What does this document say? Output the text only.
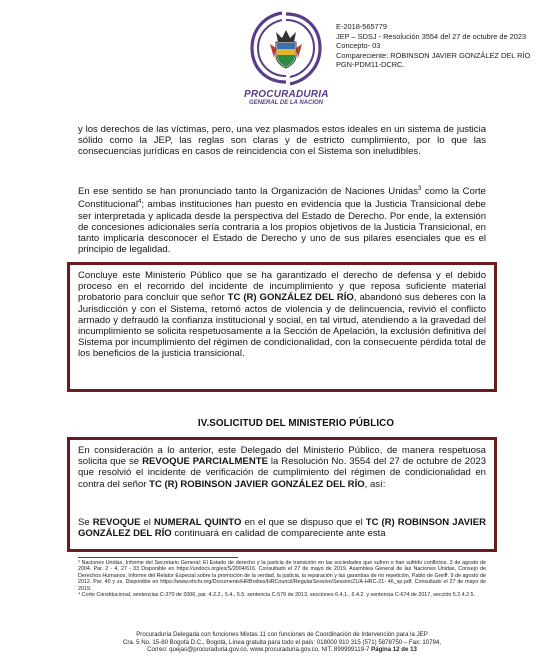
PROCURADURIA
GENERAL DE LA NACION
E-2018-565779
JEP – SDSJ - Resolución 3554 del 27 de octubre de 2023
Concepto- 03
Compareciente: ROBINSON JAVIER GONZÁLEZ DEL RÍO
PGN-PDM11-DCRC.
y los derechos de las víctimas, pero, una vez plasmados estos ideales en un sistema de justicia sólido como la JEP, las reglas son claras y de estricto cumplimiento, por lo que las consecuencias jurídicas en casos de reincidencia con el Sistema son ineludibles.
En ese sentido se han pronunciado tanto la Organización de Naciones Unidas$^3$ como la Corte Constitucional$^4$; ambas instituciones han puesto en evidencia que la Justicia Transicional debe ser interpretada y aplicada desde la perspectiva del Estado de Derecho. Por ende, la extensión de concesiones adicionales sería contraria a los propios objetivos de la Justicia Transicional, en tanto implicaría desconocer el Estado de Derecho y uno de sus pilares esenciales que es el principio de legalidad.
Concluye este Ministerio Público que se ha garantizado el derecho de defensa y el debido proceso en el recorrido del incidente de incumplimiento y que reposa suficiente material probatorio para concluir que señor TC (R) GONZÁLEZ DEL RÍO, abandonó sus deberes con la Jurisdicción y con el Sistema, retomó actos de violencia y de delincuencia, revivió el conflicto armado y defraudó la confianza institucional y social, en tal virtud, atendiendo a la gravedad del incumplimiento se solicita respetuosamente a la Sección de Apelación, la exclusión definitiva del Sistema por incumplimiento del régimen de condicionalidad, con la consecuente pérdida total de los beneficios de la justicia transicional.
IV.SOLICITUD DEL MINISTERIO PÚBLICO
En consideración a lo anterior, este Delegado del Ministerio Público, de manera respetuosa solicita que se REVOQUE PARCIALMENTE la Resolución No. 3554 del 27 de octubre de 2023 que resolvió el incidente de verificación de cumplimiento del régimen de condicionalidad en contra del señor TC (R) ROBINSON JAVIER GONZÁLEZ DEL RÍO, así:
Se REVOQUE el NUMERAL QUINTO en el que se dispuso que el TC (R) ROBINSON JAVIER GONZÁLEZ DEL RÍO continuará en calidad de compareciente ante esta
³ Naciones Unidas, Informe del Secretario General: El Estado de derecho y la justicia de transición en las sociedades que sufren o han sufrido conflictos. 3 de agosto de 2004. Par. 2 - 4, 27 - 33 Disponible en https://undocs.org/es/S/2004/616. Consultado el 27 de mayo de 2019. Asamblea General de las Naciones Unidas, Consejo de Derechos Humanos, Informe del Relator Especial sobre la promoción de la verdad, la justicia, la reparación y las garantías de no repetición, Pablo de Greiff. 9 de agosto de 2012. Par. 40 y ss. Disponible en https://www.ohchr.org/Documents/HRBodies/HRCouncil/RegularSession/Session21/A-HRC-21- 46_sp.pdf. Consultado el 27 de mayo de 2019.
⁴ Corte Constitucional, sentencias C-370 de 2006, par. 4.2.2., 5.4., 5.5. sentencia C-579 de 2013, secciones 6.4.1., 6.4.2. y sentencia C-674 de 2017, sección 5.2.4.2.5.
Procuraduría Delegada con funciones Mixtas 11 con funciones de Coordinación de Intervención para la JEP
Cra. 5 No. 15-80 Bogotá D.C., Bogotá, Línea gratuita para todo el país: 018000 910 315 (571) 5878750 – Fax: 10794,
Correo: quejas@procuraduria.gov.co, www.procuraduria.gov.co, NIT. 899999119-7 Página 12 de 13
